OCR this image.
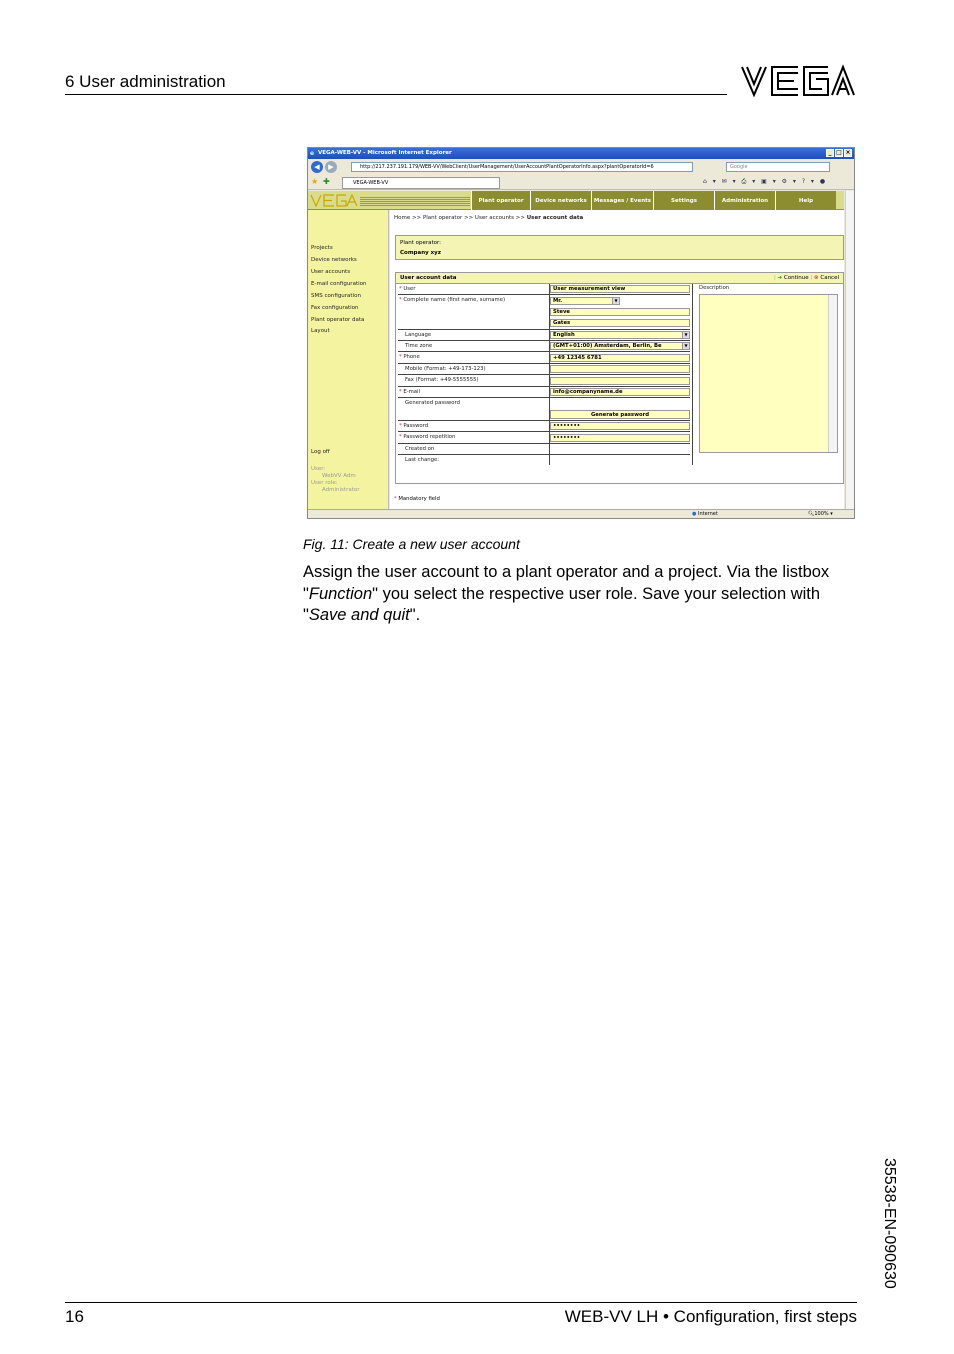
6 User administration
e VEGA-WEB-VV - Microsoft Internet Explorer	_ □ ×
◀	▶	http://217.237.191.179/WEB-VV/WebClient/UserManagement/UserAccountPlantOperatorInfo.aspx?plantOperatorId=6	Google
★ ✚	VEGA-WEB-VV	⌂ ▾ ✉ ▾ ⎙ ▾ ▣ ▾ ⚙ ▾ ? ▾ ●
Plant operator	Device networks	Messages / Events	Settings	Administration	Help
Projects
Device networks
User accounts
E-mail configuration
SMS configuration
Fax configuration
Plant operator data
Layout
Log off
User:
WebVV Adm
User role:
Administrator
Home >> Plant operator >> User accounts >> User account data
Plant operator:
Company xyz
User account data	| ➔ Continue | ⊗ Cancel
* User	User measurement view
* Complete name (first name, surname)	Mr.	▼
Steve
Gates
Language	English	▼
Time zone	(GMT+01:00) Amsterdam, Berlin, Be	▼
* Phone	+49 12345 6781
Mobile (Format: +49-173-123)
Fax (Format: +49-5555555)
* E-mail	info@companyname.de
Generated password
Generate password
* Password	••••••••
* Password repetition	••••••••
Created on
Last change:
Description
* Mandatory field
● Internet	🔍︎100% ▾
Fig. 11: Create a new user account
Assign the user account to a plant operator and a project. Via the listbox "Function" you select the respective user role. Save your selection with "Save and quit".
35538-EN-090630
16	WEB-VV LH • Configuration, first steps
